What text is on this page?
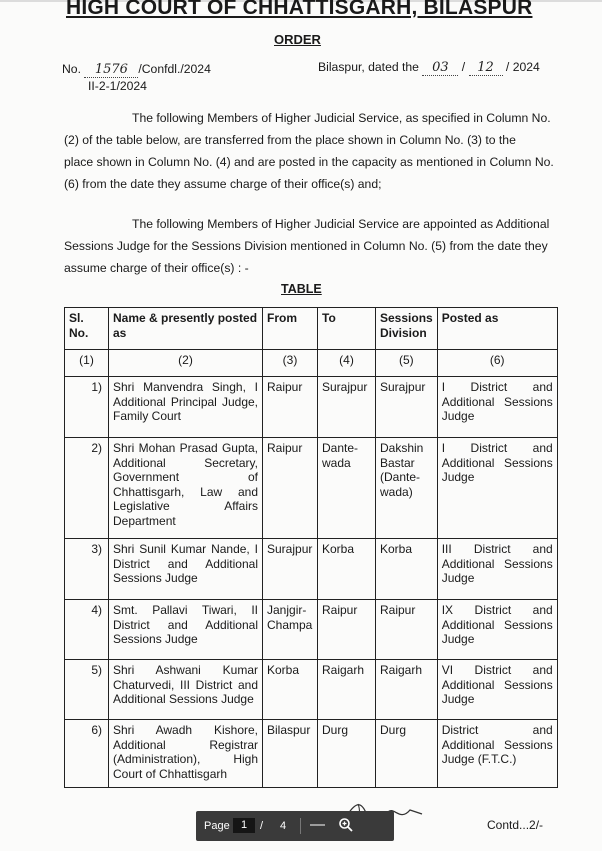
HIGH COURT OF CHHATTISGARH, BILASPUR
ORDER
No. 1576 /Confdl./2024
II-2-1/2024
Bilaspur, dated the 03 / 12 / 2024
The following Members of Higher Judicial Service, as specified in Column No.
(2) of the table below, are transferred from the place shown in Column No. (3) to the
place shown in Column No. (4) and are posted in the capacity as mentioned in Column No.
(6) from the date they assume charge of their office(s) and;
The following Members of Higher Judicial Service are appointed as Additional
Sessions Judge for the Sessions Division mentioned in Column No. (5) from the date they
assume charge of their office(s) : -
TABLE
Sl. No.	Name & presently posted as	From	To	Sessions Division	Posted as
(1)	(2)	(3)	(4)	(5)	(6)
1)	Shri Manvendra Singh, I Additional Principal Judge, Family Court	Raipur	Surajpur	Surajpur	I District and Additional Sessions Judge
2)	Shri Mohan Prasad Gupta, Additional Secretary, Government of Chhattisgarh, Law and Legislative Affairs Department	Raipur	Dante-wada	Dakshin Bastar (Dante-wada)	I District and Additional Sessions Judge
3)	Shri Sunil Kumar Nande, I District and Additional Sessions Judge	Surajpur	Korba	Korba	III District and Additional Sessions Judge
4)	Smt. Pallavi Tiwari, II District and Additional Sessions Judge	Janjgir-Champa	Raipur	Raipur	IX District and Additional Sessions Judge
5)	Shri Ashwani Kumar Chaturvedi, III District and Additional Sessions Judge	Korba	Raigarh	Raigarh	VI District and Additional Sessions Judge
6)	Shri Awadh Kishore, Additional Registrar (Administration), High Court of Chhattisgarh	Bilaspur	Durg	Durg	District and Additional Sessions Judge (F.T.C.)
Page	1	/ 4 —	Contd...2/-
